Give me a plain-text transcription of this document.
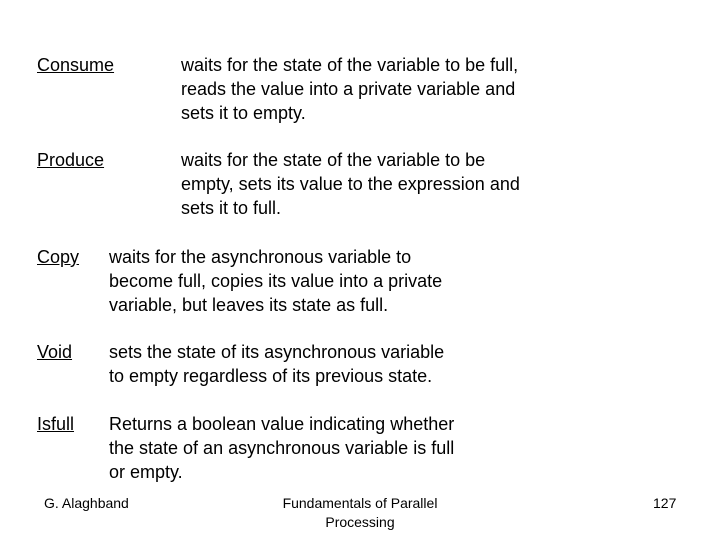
Consume	waits for the state of the variable to be full,
reads the value into a private variable and
sets it to empty.
Produce	waits for the state of the variable to be
empty, sets its value to the expression and
sets it to full.
Copy waits for the asynchronous variable to
become full, copies its value into a private
variable, but leaves its state as full.
Void sets the state of its asynchronous variable
to empty regardless of its previous state.
Isfull Returns a boolean value indicating whether
the state of an asynchronous variable is full
or empty.
G. Alaghband	Fundamentals of Parallel
Processing
127
